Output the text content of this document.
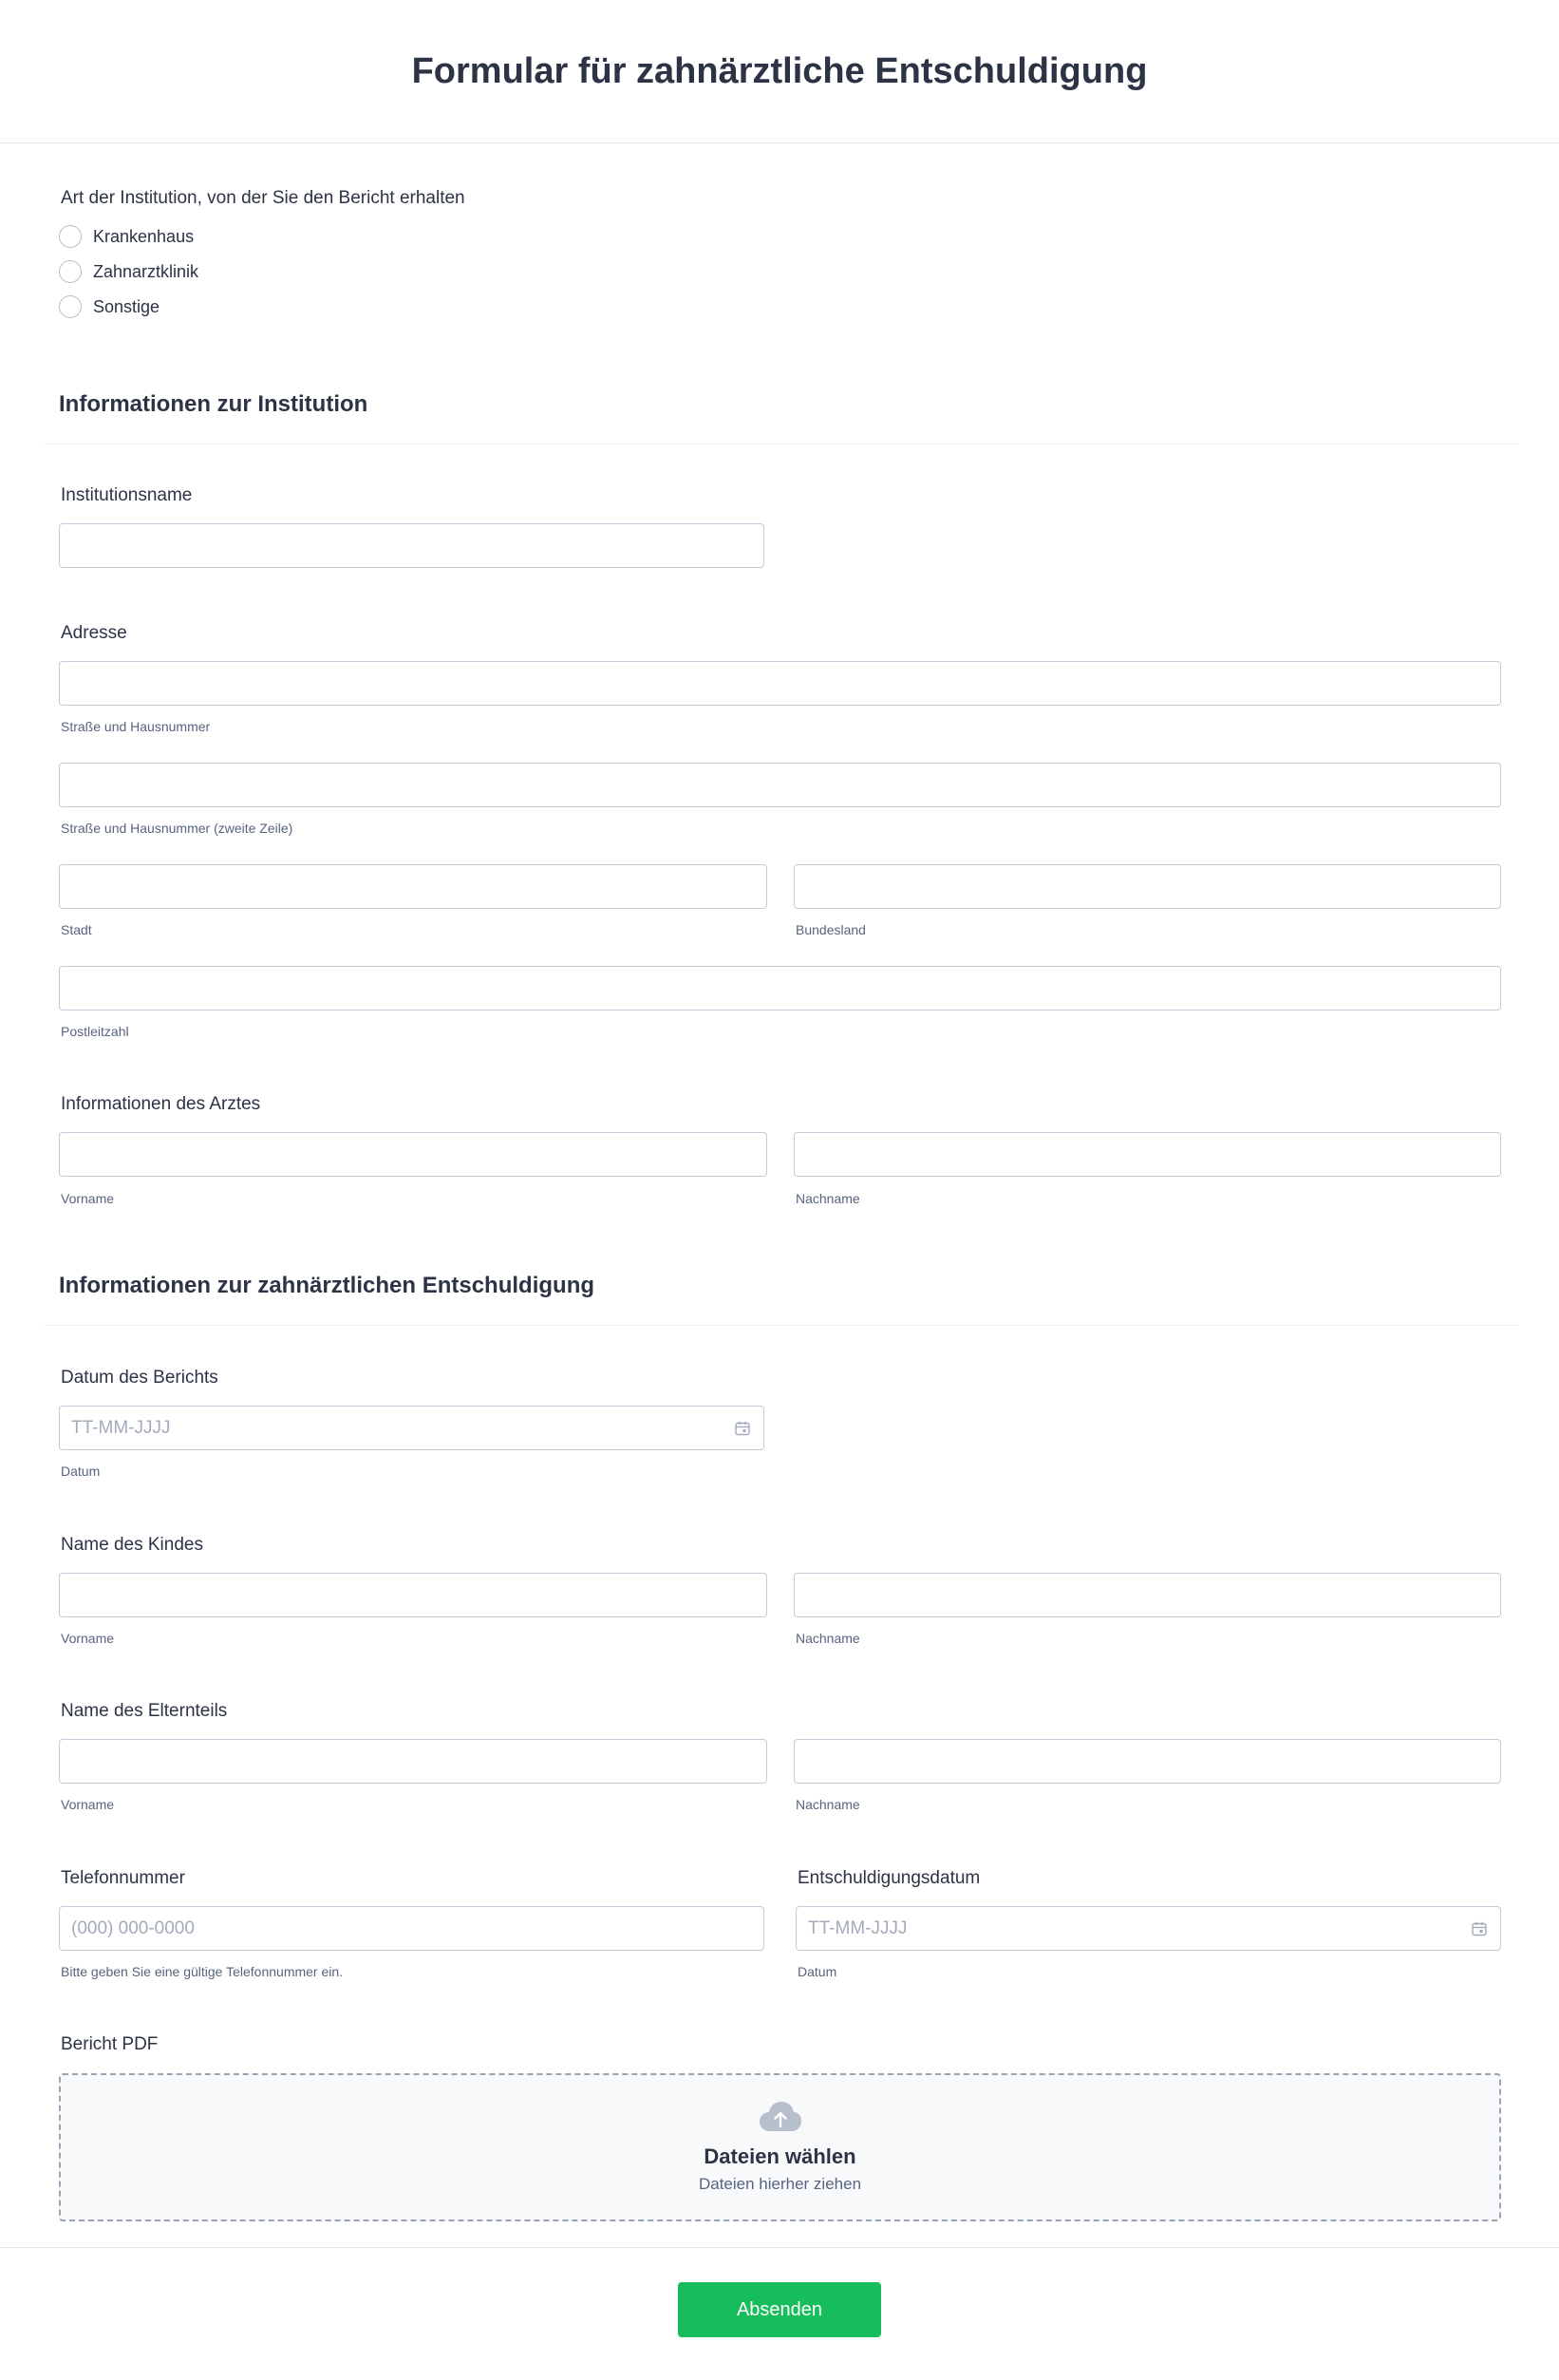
Formular für zahnärztliche Entschuldigung
Art der Institution, von der Sie den Bericht erhalten
Krankenhaus
Zahnarztklinik
Sonstige
Informationen zur Institution
Institutionsname
Adresse
Straße und Hausnummer
Straße und Hausnummer (zweite Zeile)
Stadt	Bundesland
Postleitzahl
Informationen des Arztes
Vorname	Nachname
Informationen zur zahnärztlichen Entschuldigung
Datum des Berichts
TT-MM-JJJJ
Datum
Name des Kindes
Vorname	Nachname
Name des Elternteils
Vorname	Nachname
Telefonnummer
(000) 000-0000
Bitte geben Sie eine gültige Telefonnummer ein.
Entschuldigungsdatum
TT-MM-JJJJ
Datum
Bericht PDF
Dateien wählen
Dateien hierher ziehen
Absenden
